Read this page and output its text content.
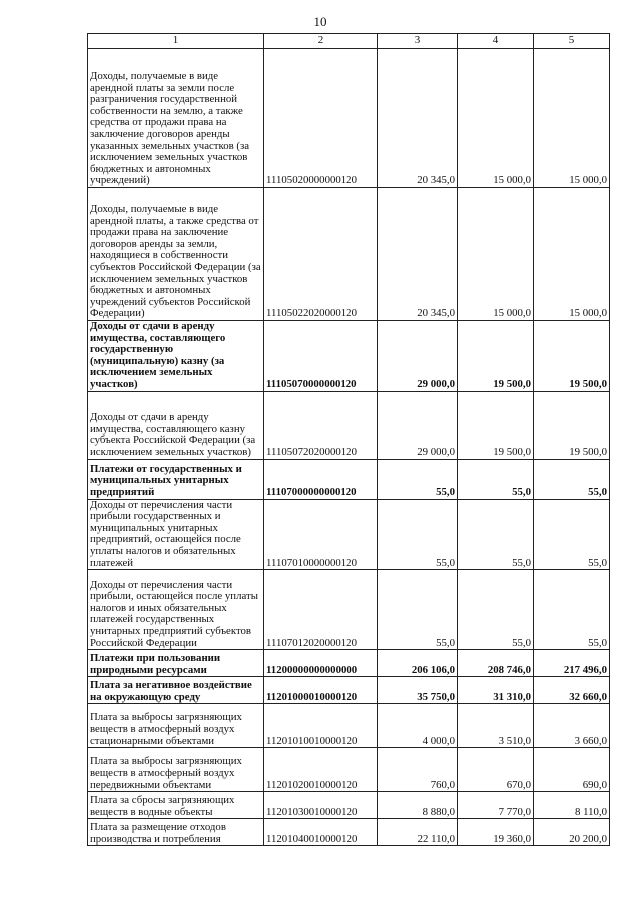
10
1	2	3	4	5
Доходы, получаемые в виде арендной платы за земли после разграничения государственной собственности на землю, а также средства от продажи права на заключение договоров аренды указанных земельных участков (за исключением земельных участков бюджетных и автономных учреждений)	11105020000000120	20 345,0	15 000,0	15 000,0
Доходы, получаемые в виде арендной платы, а также средства от продажи права на заключение договоров аренды за земли, находящиеся в собственности субъектов Российской Федерации (за исключением земельных участков бюджетных и автономных учреждений субъектов Российской Федерации)	11105022020000120	20 345,0	15 000,0	15 000,0
Доходы от сдачи в аренду имущества, составляющего государственную (муниципальную) казну (за исключением земельных участков)	11105070000000120	29 000,0	19 500,0	19 500,0
Доходы от сдачи в аренду имущества, составляющего казну субъекта Российской Федерации (за исключением земельных участков)	11105072020000120	29 000,0	19 500,0	19 500,0
Платежи от государственных и муниципальных унитарных предприятий	11107000000000120	55,0	55,0	55,0
Доходы от перечисления части прибыли государственных и муниципальных унитарных предприятий, остающейся после уплаты налогов и обязательных платежей	11107010000000120	55,0	55,0	55,0
Доходы от перечисления части прибыли, остающейся после уплаты налогов и иных обязательных платежей государственных унитарных предприятий субъектов Российской Федерации	11107012020000120	55,0	55,0	55,0
Платежи при пользовании природными ресурсами	11200000000000000	206 106,0	208 746,0	217 496,0
Плата за негативное воздействие на окружающую среду	11201000010000120	35 750,0	31 310,0	32 660,0
Плата за выбросы загрязняющих веществ в атмосферный воздух стационарными объектами	11201010010000120	4 000,0	3 510,0	3 660,0
Плата за выбросы загрязняющих веществ в атмосферный воздух передвижными объектами	11201020010000120	760,0	670,0	690,0
Плата за сбросы загрязняющих веществ в водные объекты	11201030010000120	8 880,0	7 770,0	8 110,0
Плата за размещение отходов производства и потребления	11201040010000120	22 110,0	19 360,0	20 200,0
